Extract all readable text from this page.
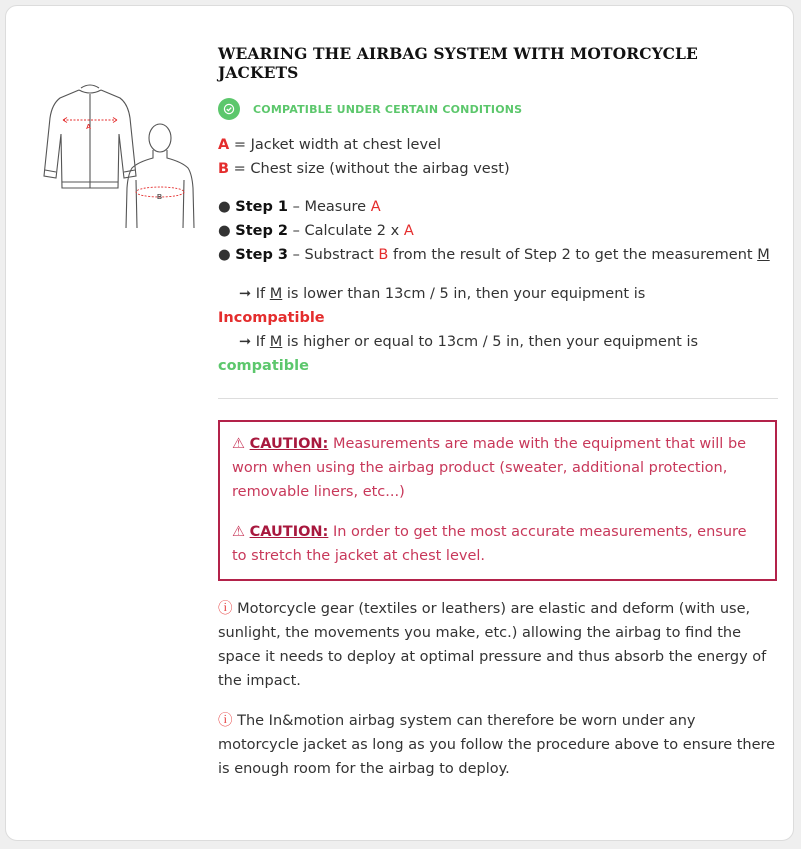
A
B
WEARING THE AIRBAG SYSTEM WITH MOTORCYCLE JACKETS
COMPATIBLE UNDER CERTAIN CONDITIONS
A = Jacket width at chest level
B = Chest size (without the airbag vest)
● Step 1 – Measure A
● Step 2 – Calculate 2 x A
● Step 3 – Substract B from the result of Step 2 to get the measurement M
➞ If M is lower than 13cm / 5 in, then your equipment is
Incompatible
➞ If M is higher or equal to 13cm / 5 in, then your equipment is
compatible
⚠ CAUTION: Measurements are made with the equipment that will be worn when using the airbag product (sweater, additional protection, removable liners, etc...)
⚠ CAUTION: In order to get the most accurate measurements, ensure to stretch the jacket at chest level.
ⓘ Motorcycle gear (textiles or leathers) are elastic and deform (with use, sunlight, the movements you make, etc.) allowing the airbag to find the space it needs to deploy at optimal pressure and thus absorb the energy of the impact.
ⓘ The In&motion airbag system can therefore be worn under any motorcycle jacket as long as you follow the procedure above to ensure there is enough room for the airbag to deploy.
